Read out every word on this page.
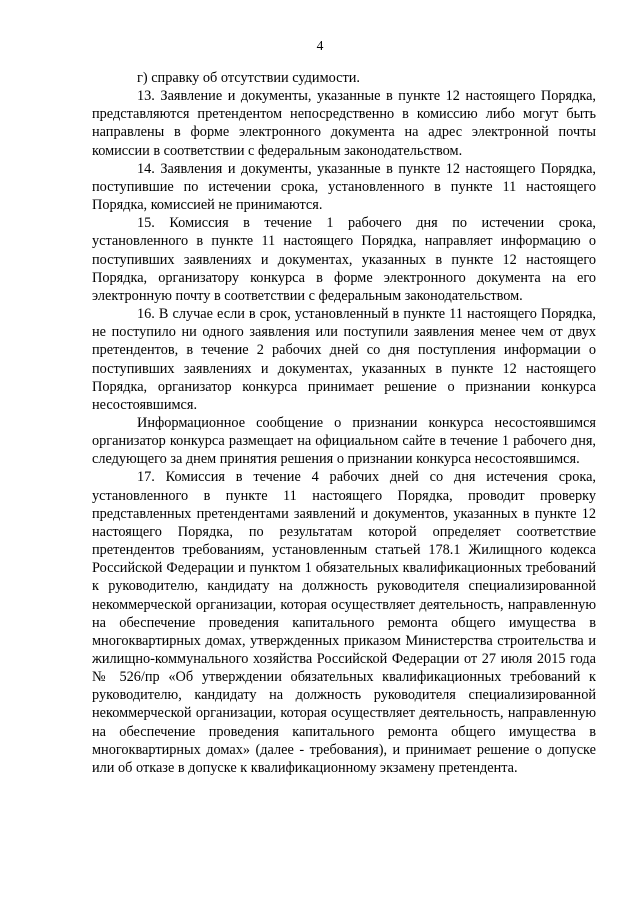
4

г) справку об отсутствии судимости.

13. Заявление и документы, указанные в пункте 12 настоящего Порядка, представляются претендентом непосредственно в комиссию либо могут быть направлены в форме электронного документа на адрес электронной почты комиссии в соответствии с федеральным законодательством.

14. Заявления и документы, указанные в пункте 12 настоящего Порядка, поступившие по истечении срока, установленного в пункте 11 настоящего Порядка, комиссией не принимаются.

15. Комиссия в течение 1 рабочего дня по истечении срока, установленного в пункте 11 настоящего Порядка, направляет информацию о поступивших заявлениях и документах, указанных в пункте 12 настоящего Порядка, организатору конкурса в форме электронного документа на его электронную почту в соответствии с федеральным законодательством.

16. В случае если в срок, установленный в пункте 11 настоящего Порядка, не поступило ни одного заявления или поступили заявления менее чем от двух претендентов, в течение 2 рабочих дней со дня поступления информации о поступивших заявлениях и документах, указанных в пункте 12 настоящего Порядка, организатор конкурса принимает решение о признании конкурса несостоявшимся.

Информационное сообщение о признании конкурса несостоявшимся организатор конкурса размещает на официальном сайте в течение 1 рабочего дня, следующего за днем принятия решения о признании конкурса несостоявшимся.

17. Комиссия в течение 4 рабочих дней со дня истечения срока, установленного в пункте 11 настоящего Порядка, проводит проверку представленных претендентами заявлений и документов, указанных в пункте 12 настоящего Порядка, по результатам которой определяет соответствие претендентов требованиям, установленным статьей 178.1 Жилищного кодекса Российской Федерации и пунктом 1 обязательных квалификационных требований к руководителю, кандидату на должность руководителя специализированной некоммерческой организации, которая осуществляет деятельность, направленную на обеспечение проведения капитального ремонта общего имущества в многоквартирных домах, утвержденных приказом Министерства строительства и жилищно-коммунального хозяйства Российской Федерации от 27 июля 2015 года № 526/пр «Об утверждении обязательных квалификационных требований к руководителю, кандидату на должность руководителя специализированной некоммерческой организации, которая осуществляет деятельность, направленную на обеспечение проведения капитального ремонта общего имущества в многоквартирных домах» (далее - требования), и принимает решение о допуске или об отказе в допуске к квалификационному экзамену претендента.
